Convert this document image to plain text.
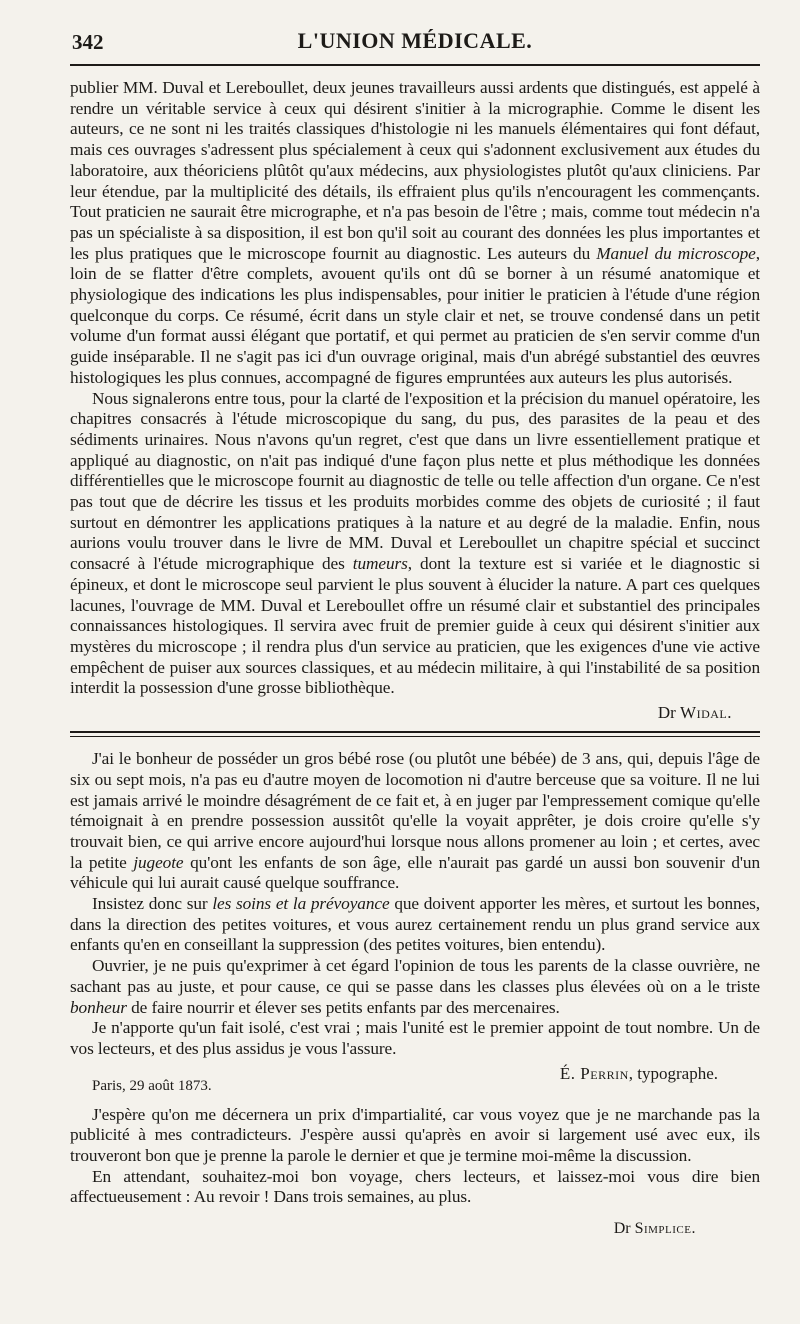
342	L'UNION MÉDICALE.

publier MM. Duval et Lereboullet, deux jeunes travailleurs aussi ardents que distingués, est appelé à rendre un véritable service à ceux qui désirent s'initier à la micrographie. Comme le disent les auteurs, ce ne sont ni les traités classiques d'histologie ni les manuels élémentaires qui font défaut, mais ces ouvrages s'adressent plus spécialement à ceux qui s'adonnent exclusivement aux études du laboratoire, aux théoriciens plûtôt qu'aux médecins, aux physiologistes plutôt qu'aux cliniciens. Par leur étendue, par la multiplicité des détails, ils effraient plus qu'ils n'encouragent les commençants. Tout praticien ne saurait être micrographe, et n'a pas besoin de l'être ; mais, comme tout médecin n'a pas un spécialiste à sa disposition, il est bon qu'il soit au courant des données les plus importantes et les plus pratiques que le microscope fournit au diagnostic. Les auteurs du Manuel du microscope, loin de se flatter d'être complets, avouent qu'ils ont dû se borner à un résumé anatomique et physiologique des indications les plus indispensables, pour initier le praticien à l'étude d'une région quelconque du corps. Ce résumé, écrit dans un style clair et net, se trouve condensé dans un petit volume d'un format aussi élégant que portatif, et qui permet au praticien de s'en servir comme d'un guide inséparable. Il ne s'agit pas ici d'un ouvrage original, mais d'un abrégé substantiel des œuvres histologiques les plus connues, accompagné de figures empruntées aux auteurs les plus autorisés.

Nous signalerons entre tous, pour la clarté de l'exposition et la précision du manuel opératoire, les chapitres consacrés à l'étude microscopique du sang, du pus, des parasites de la peau et des sédiments urinaires. Nous n'avons qu'un regret, c'est que dans un livre essentiellement pratique et appliqué au diagnostic, on n'ait pas indiqué d'une façon plus nette et plus méthodique les données différentielles que le microscope fournit au diagnostic de telle ou telle affection d'un organe. Ce n'est pas tout que de décrire les tissus et les produits morbides comme des objets de curiosité ; il faut surtout en démontrer les applications pratiques à la nature et au degré de la maladie. Enfin, nous aurions voulu trouver dans le livre de MM. Duval et Lereboullet un chapitre spécial et succinct consacré à l'étude micrographique des tumeurs, dont la texture est si variée et le diagnostic si épineux, et dont le microscope seul parvient le plus souvent à élucider la nature. A part ces quelques lacunes, l'ouvrage de MM. Duval et Lereboullet offre un résumé clair et substantiel des principales connaissances histologiques. Il servira avec fruit de premier guide à ceux qui désirent s'initier aux mystères du microscope ; il rendra plus d'un service au praticien, que les exigences d'une vie active empêchent de puiser aux sources classiques, et au médecin militaire, à qui l'instabilité de sa position interdit la possession d'une grosse bibliothèque.

Dr Widal.

J'ai le bonheur de posséder un gros bébé rose (ou plutôt une bébée) de 3 ans, qui, depuis l'âge de six ou sept mois, n'a pas eu d'autre moyen de locomotion ni d'autre berceuse que sa voiture. Il ne lui est jamais arrivé le moindre désagrément de ce fait et, à en juger par l'empressement comique qu'elle témoignait à en prendre possession aussitôt qu'elle la voyait apprêter, je dois croire qu'elle s'y trouvait bien, ce qui arrive encore aujourd'hui lorsque nous allons promener au loin ; et certes, avec la petite jugeote qu'ont les enfants de son âge, elle n'aurait pas gardé un aussi bon souvenir d'un véhicule qui lui aurait causé quelque souffrance.

Insistez donc sur les soins et la prévoyance que doivent apporter les mères, et surtout les bonnes, dans la direction des petites voitures, et vous aurez certainement rendu un plus grand service aux enfants qu'en en conseillant la suppression (des petites voitures, bien entendu).

Ouvrier, je ne puis qu'exprimer à cet égard l'opinion de tous les parents de la classe ouvrière, ne sachant pas au juste, et pour cause, ce qui se passe dans les classes plus élevées où on a le triste bonheur de faire nourrir et élever ses petits enfants par des mercenaires.

Je n'apporte qu'un fait isolé, c'est vrai ; mais l'unité est le premier appoint de tout nombre. Un de vos lecteurs, et des plus assidus je vous l'assure.

É. Perrin, typographe.
Paris, 29 août 1873.

J'espère qu'on me décernera un prix d'impartialité, car vous voyez que je ne marchande pas la publicité à mes contradicteurs. J'espère aussi qu'après en avoir si largement usé avec eux, ils trouveront bon que je prenne la parole le dernier et que je termine moi-même la discussion.

En attendant, souhaitez-moi bon voyage, chers lecteurs, et laissez-moi vous dire bien affectueusement : Au revoir ! Dans trois semaines, au plus.

Dr Simplice.
